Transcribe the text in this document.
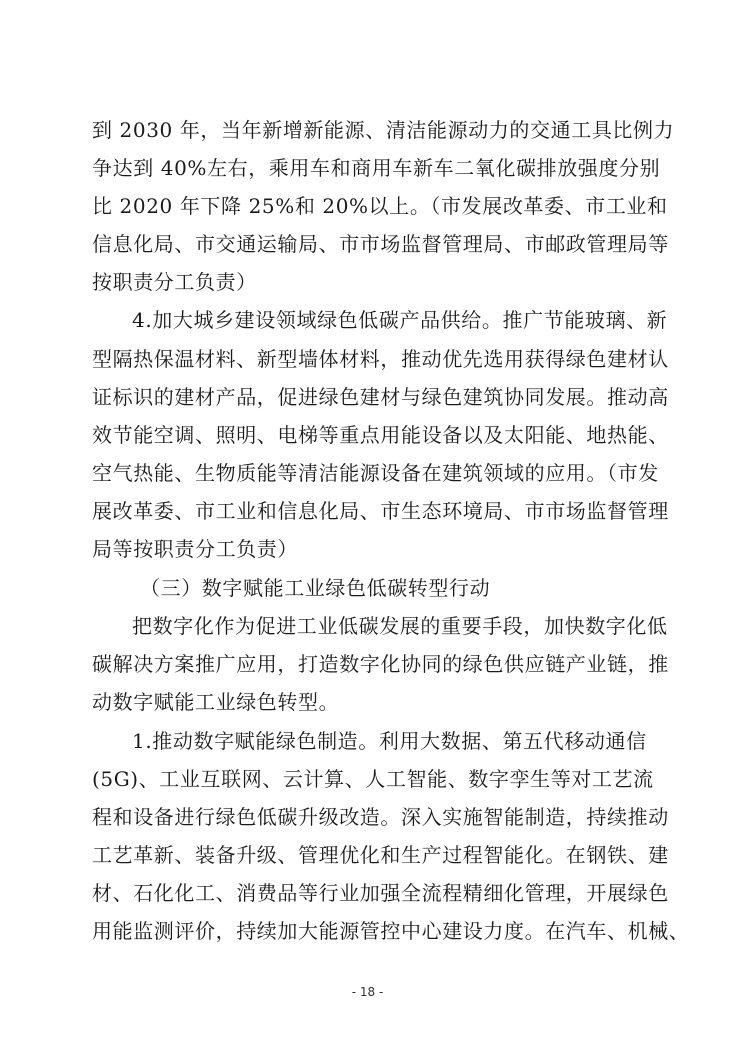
到 2030 年，当年新增新能源、清洁能源动力的交通工具比例力
争达到 40%左右，乘用车和商用车新车二氧化碳排放强度分别
比 2020 年下降 25%和 20%以上。（市发展改革委、市工业和
信息化局、市交通运输局、市市场监督管理局、市邮政管理局等
按职责分工负责）
4.加大城乡建设领域绿色低碳产品供给。推广节能玻璃、新
型隔热保温材料、新型墙体材料，推动优先选用获得绿色建材认
证标识的建材产品，促进绿色建材与绿色建筑协同发展。推动高
效节能空调、照明、电梯等重点用能设备以及太阳能、地热能、
空气热能、生物质能等清洁能源设备在建筑领域的应用。（市发
展改革委、市工业和信息化局、市生态环境局、市市场监督管理
局等按职责分工负责）
（三）数字赋能工业绿色低碳转型行动
把数字化作为促进工业低碳发展的重要手段，加快数字化低
碳解决方案推广应用，打造数字化协同的绿色供应链产业链，推
动数字赋能工业绿色转型。
1.推动数字赋能绿色制造。利用大数据、第五代移动通信
(5G)、工业互联网、云计算、人工智能、数字孪生等对工艺流
程和设备进行绿色低碳升级改造。深入实施智能制造，持续推动
工艺革新、装备升级、管理优化和生产过程智能化。在钢铁、建
材、石化化工、消费品等行业加强全流程精细化管理，开展绿色
用能监测评价，持续加大能源管控中心建设力度。在汽车、机械、
- 18 -
